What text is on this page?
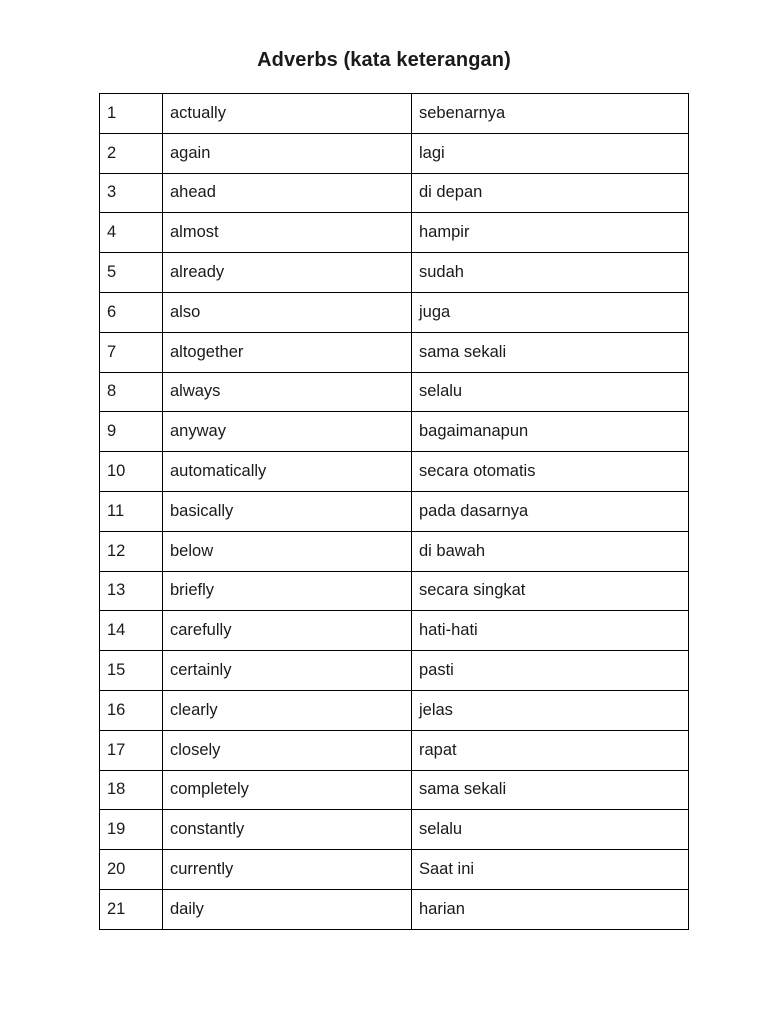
Adverbs (kata keterangan)
1	actually	sebenarnya
2	again	lagi
3	ahead	di depan
4	almost	hampir
5	already	sudah
6	also	juga
7	altogether	sama sekali
8	always	selalu
9	anyway	bagaimanapun
10	automatically	secara otomatis
11	basically	pada dasarnya
12	below	di bawah
13	briefly	secara singkat
14	carefully	hati-hati
15	certainly	pasti
16	clearly	jelas
17	closely	rapat
18	completely	sama sekali
19	constantly	selalu
20	currently	Saat ini
21	daily	harian
